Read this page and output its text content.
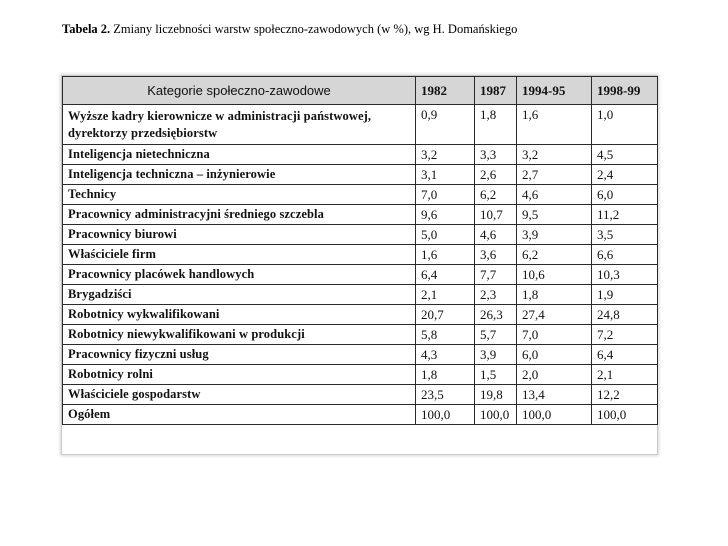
Tabela 2. Zmiany liczebności warstw społeczno-zawodowych (w %), wg H. Domańskiego
Kategorie społeczno-zawodowe	1982	1987	1994-95	1998-99
Wyższe kadry kierownicze w administracji państwowej, dyrektorzy przedsiębiorstw	0,9	1,8	1,6	1,0
Inteligencja nietechniczna	3,2	3,3	3,2	4,5
Inteligencja techniczna – inżynierowie	3,1	2,6	2,7	2,4
Technicy	7,0	6,2	4,6	6,0
Pracownicy administracyjni średniego szczebla	9,6	10,7	9,5	11,2
Pracownicy biurowi	5,0	4,6	3,9	3,5
Właściciele firm	1,6	3,6	6,2	6,6
Pracownicy placówek handlowych	6,4	7,7	10,6	10,3
Brygadziści	2,1	2,3	1,8	1,9
Robotnicy wykwalifikowani	20,7	26,3	27,4	24,8
Robotnicy niewykwalifikowani w produkcji	5,8	5,7	7,0	7,2
Pracownicy fizyczni usług	4,3	3,9	6,0	6,4
Robotnicy rolni	1,8	1,5	2,0	2,1
Właściciele gospodarstw	23,5	19,8	13,4	12,2
Ogółem	100,0	100,0	100,0	100,0
